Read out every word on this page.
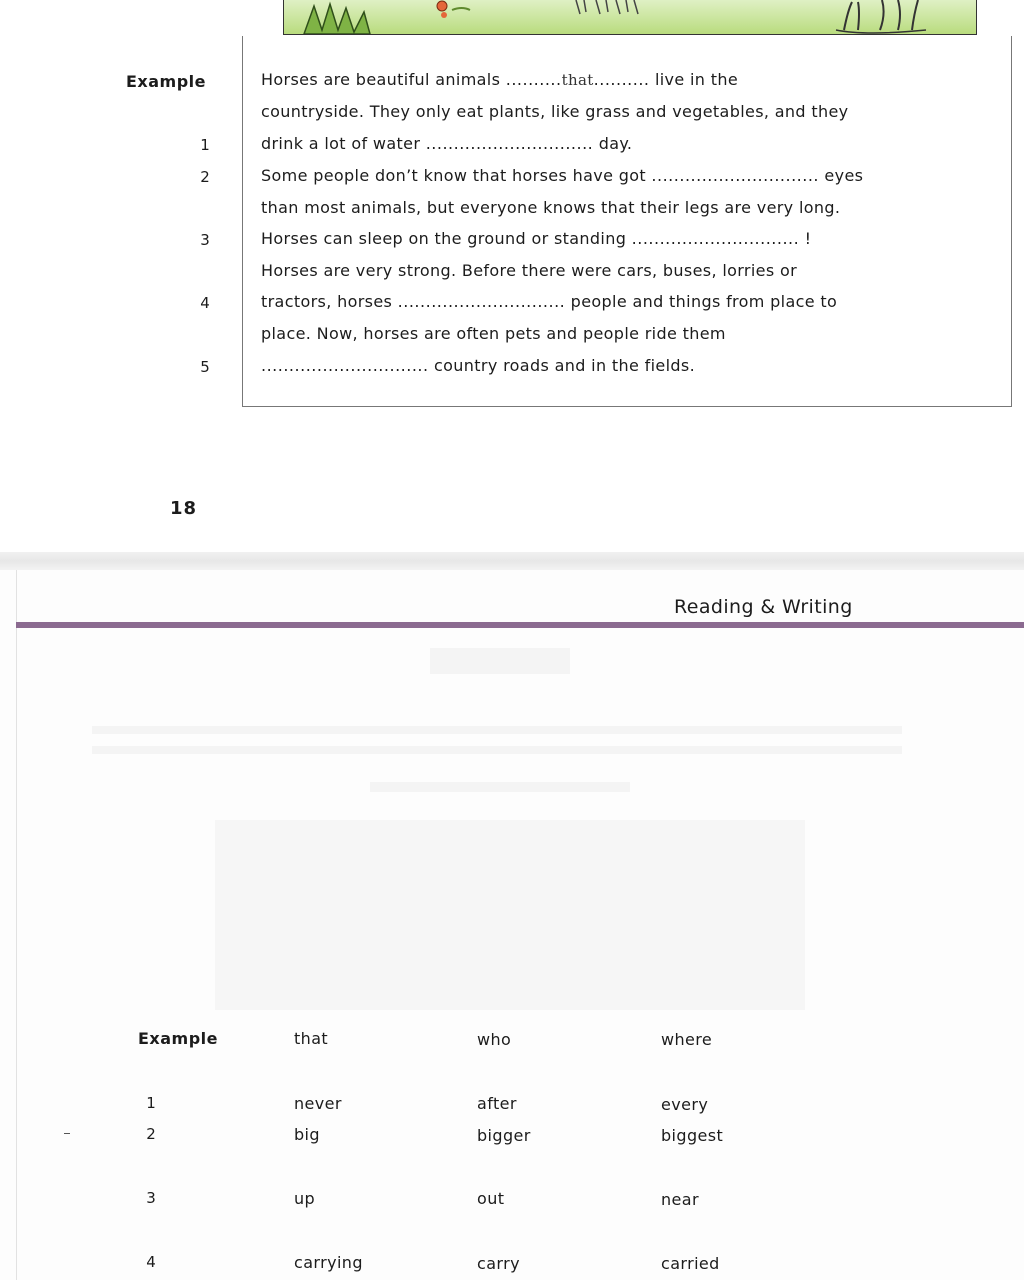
Example	Horses are beautiful animals ..........that.......... live in the
countryside. They only eat plants, like grass and vegetables, and they
1	drink a lot of water .............................. day.
2	Some people don’t know that horses have got .............................. eyes
than most animals, but everyone knows that their legs are very long.
3	Horses can sleep on the ground or standing .............................. !
Horses are very strong. Before there were cars, buses, lorries or
4	tractors, horses .............................. people and things from place to
place. Now, horses are often pets and people ride them
5	.............................. country roads and in the fields.
18
Reading & Writing
Example	that	who	where
1	never	after	every
2	big	bigger	biggest
3	up	out	near
4	carrying	carry	carried
